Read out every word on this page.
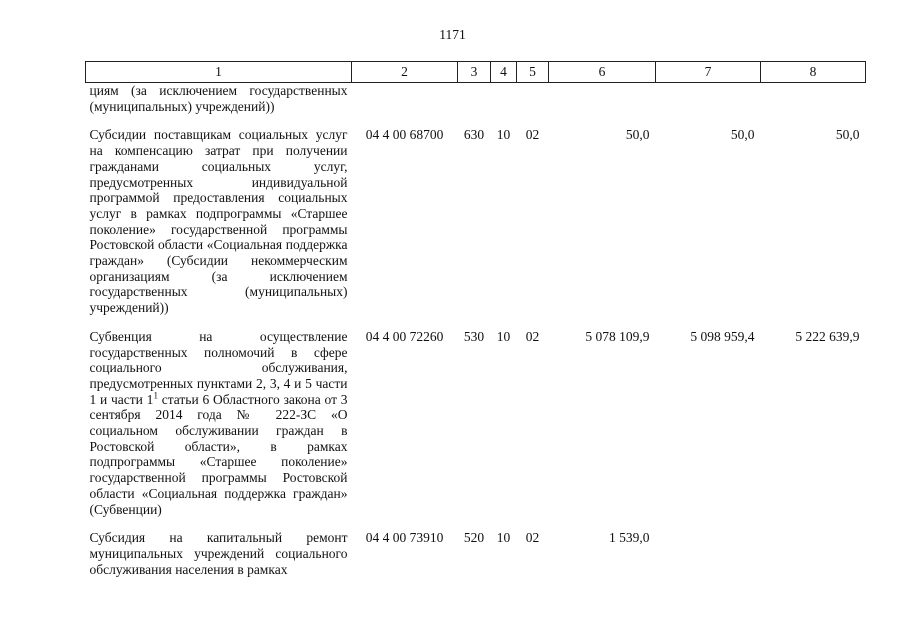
1171
1	2	3	4	5	6	7	8
циям (за исключением государственных (муниципальных) учреждений))							
Субсидии поставщикам социальных услуг на компенсацию затрат при получении гражданами социальных услуг, предусмотренных индивидуальной программой предоставления социальных услуг в рамках подпрограммы «Старшее поколение» государственной программы Ростовской области «Социальная поддержка граждан» (Субсидии некоммерческим организациям (за исключением государственных (муниципальных) учреждений))	04 4 00 68700	630	10	02	50,0	50,0	50,0
Субвенция на осуществление государственных полномочий в сфере социального обслуживания, предусмотренных пунктами 2, 3, 4 и 5 части 1 и части $1^1$ статьи 6 Областного закона от 3 сентября 2014 года № 222-ЗС «О социальном обслуживании граждан в Ростовской области», в рамках подпрограммы «Старшее поколение» государственной программы Ростовской области «Социальная поддержка граждан» (Субвенции)	04 4 00 72260	530	10	02	5 078 109,9	5 098 959,4	5 222 639,9
Субсидия на капитальный ремонт муниципальных учреждений социального обслуживания населения в рамках	04 4 00 73910	520	10	02	1 539,0		
